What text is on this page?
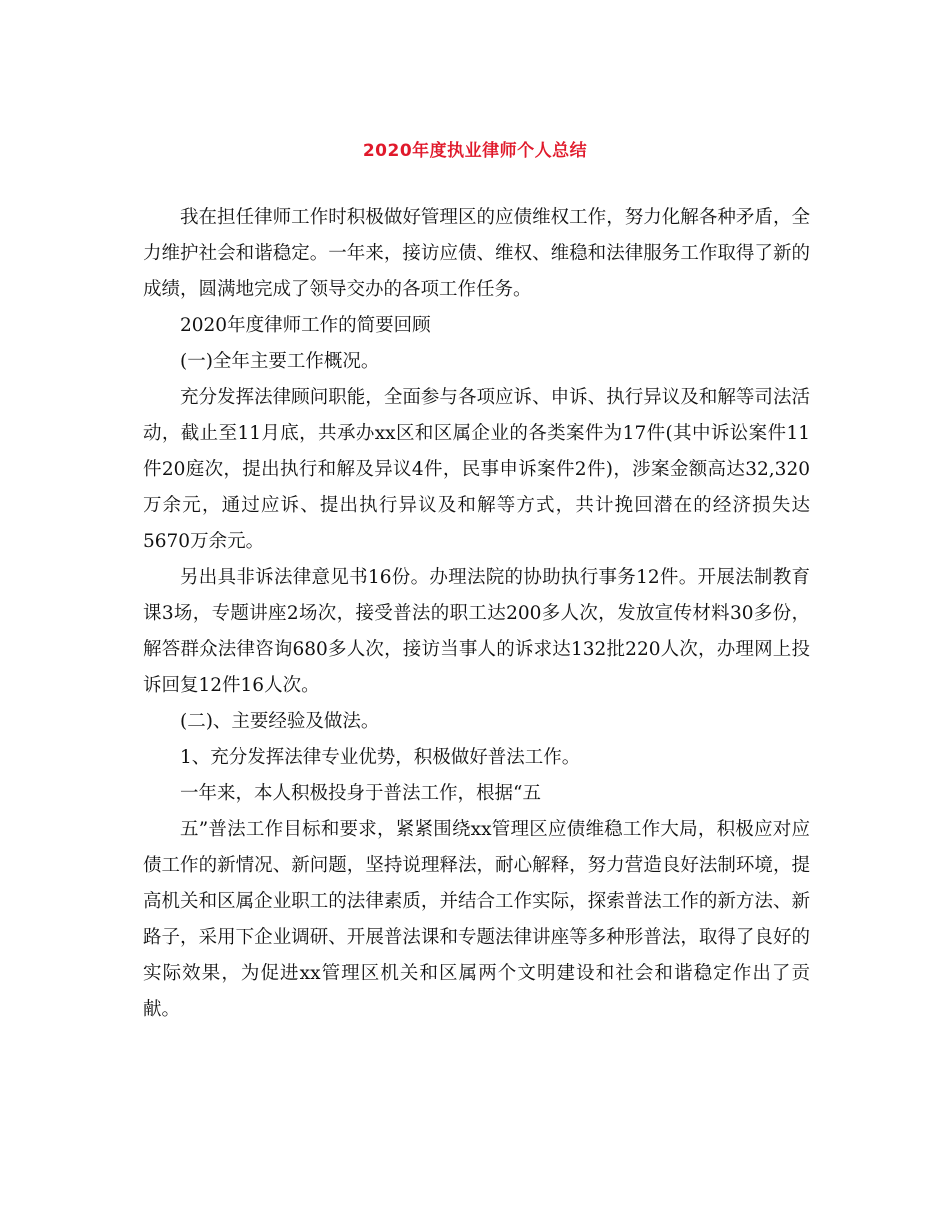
2020年度执业律师个人总结

我在担任律师工作时积极做好管理区的应债维权工作，努力化解各种矛盾，全力维护社会和谐稳定。一年来，接访应债、维权、维稳和法律服务工作取得了新的成绩，圆满地完成了领导交办的各项工作任务。

2020年度律师工作的简要回顾

(一)全年主要工作概况。

充分发挥法律顾问职能，全面参与各项应诉、申诉、执行异议及和解等司法活动，截止至11月底，共承办xx区和区属企业的各类案件为17件(其中诉讼案件11件20庭次，提出执行和解及异议4件，民事申诉案件2件)，涉案金额高达32,320万余元，通过应诉、提出执行异议及和解等方式，共计挽回潜在的经济损失达5670万余元。

另出具非诉法律意见书16份。办理法院的协助执行事务12件。开展法制教育课3场，专题讲座2场次，接受普法的职工达200多人次，发放宣传材料30多份，解答群众法律咨询680多人次，接访当事人的诉求达132批220人次，办理网上投诉回复12件16人次。

(二)、主要经验及做法。

1、充分发挥法律专业优势，积极做好普法工作。

一年来，本人积极投身于普法工作，根据“五

五”普法工作目标和要求，紧紧围绕xx管理区应债维稳工作大局，积极应对应债工作的新情况、新问题，坚持说理释法，耐心解释，努力营造良好法制环境，提高机关和区属企业职工的法律素质，并结合工作实际，探索普法工作的新方法、新路子，采用下企业调研、开展普法课和专题法律讲座等多种形普法，取得了良好的实际效果，为促进xx管理区机关和区属两个文明建设和社会和谐稳定作出了贡献。
